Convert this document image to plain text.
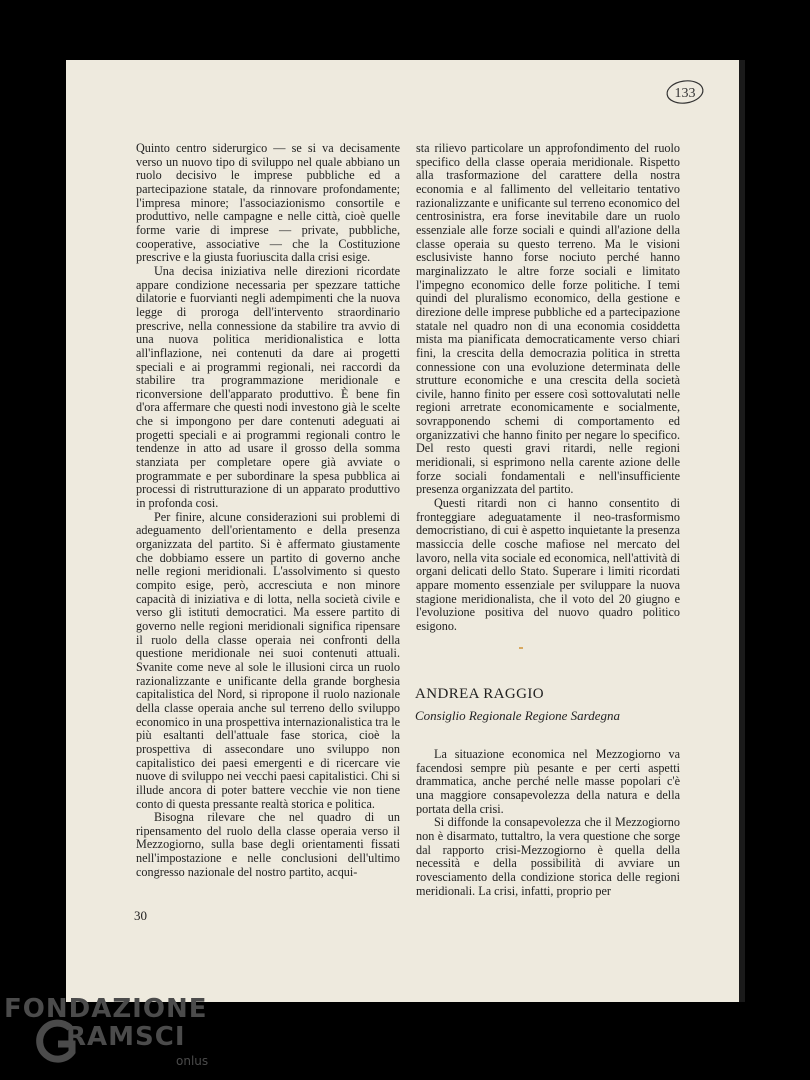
133

Quinto centro siderurgico — se si va decisamente verso un nuovo tipo di sviluppo nel quale abbiano un ruolo decisivo le imprese pubbliche ed a partecipazione statale, da rinnovare profondamente; l'impresa minore; l'associazionismo consortile e produttivo, nelle campagne e nelle città, cioè quelle forme varie di imprese — private, pubbliche, cooperative, associative — che la Costituzione prescrive e la giusta fuoriuscita dalla crisi esige.

Una decisa iniziativa nelle direzioni ricordate appare condizione necessaria per spezzare tattiche dilatorie e fuorvianti negli adempimenti che la nuova legge di proroga dell'intervento straordinario prescrive, nella connessione da stabilire tra avvio di una nuova politica meridionalistica e lotta all'inflazione, nei contenuti da dare ai progetti speciali e ai programmi regionali, nei raccordi da stabilire tra programmazione meridionale e riconversione dell'apparato produttivo. È bene fin d'ora affermare che questi nodi investono già le scelte che si impongono per dare contenuti adeguati ai progetti speciali e ai programmi regionali contro le tendenze in atto ad usare il grosso della somma stanziata per completare opere già avviate o programmate e per subordinare la spesa pubblica ai processi di ristrutturazione di un apparato produttivo in profonda cosi.

Per finire, alcune considerazioni sui problemi di adeguamento dell'orientamento e della presenza organizzata del partito. Si è affermato giustamente che dobbiamo essere un partito di governo anche nelle regioni meridionali. L'assolvimento si questo compito esige, però, accresciuta e non minore capacità di iniziativa e di lotta, nella società civile e verso gli istituti democratici. Ma essere partito di governo nelle regioni meridionali significa ripensare il ruolo della classe operaia nei confronti della questione meridionale nei suoi contenuti attuali. Svanite come neve al sole le illusioni circa un ruolo razionalizzante e unificante della grande borghesia capitalistica del Nord, si ripropone il ruolo nazionale della classe operaia anche sul terreno dello sviluppo economico in una prospettiva internazionalistica tra le più esaltanti dell'attuale fase storica, cioè la prospettiva di assecondare uno sviluppo non capitalistico dei paesi emergenti e di ricercare vie nuove di sviluppo nei vecchi paesi capitalistici. Chi si illude ancora di poter battere vecchie vie non tiene conto di questa pressante realtà storica e politica.

Bisogna rilevare che nel quadro di un ripensamento del ruolo della classe operaia verso il Mezzogiorno, sulla base degli orientamenti fissati nell'impostazione e nelle conclusioni dell'ultimo congresso nazionale del nostro partito, acqui-

sta rilievo particolare un approfondimento del ruolo specifico della classe operaia meridionale. Rispetto alla trasformazione del carattere della nostra economia e al fallimento del velleitario tentativo razionalizzante e unificante sul terreno economico del centrosinistra, era forse inevitabile dare un ruolo essenziale alle forze sociali e quindi all'azione della classe operaia su questo terreno. Ma le visioni esclusiviste hanno forse nociuto perché hanno marginalizzato le altre forze sociali e limitato l'impegno economico delle forze politiche. I temi quindi del pluralismo economico, della gestione e direzione delle imprese pubbliche ed a partecipazione statale nel quadro non di una economia cosiddetta mista ma pianificata democraticamente verso chiari fini, la crescita della democrazia politica in stretta connessione con una evoluzione determinata delle strutture economiche e una crescita della società civile, hanno finito per essere così sottovalutati nelle regioni arretrate economicamente e socialmente, sovrapponendo schemi di comportamento ed organizzativi che hanno finito per negare lo specifico. Del resto questi gravi ritardi, nelle regioni meridionali, si esprimono nella carente azione delle forze sociali fondamentali e nell'insufficiente presenza organizzata del partito.

Questi ritardi non ci hanno consentito di fronteggiare adeguatamente il neo-trasformismo democristiano, di cui è aspetto inquietante la presenza massiccia delle cosche mafiose nel mercato del lavoro, nella vita sociale ed economica, nell'attività di organi delicati dello Stato. Superare i limiti ricordati appare momento essenziale per sviluppare la nuova stagione meridionalista, che il voto del 20 giugno e l'evoluzione positiva del nuovo quadro politico esigono.

ANDREA RAGGIO
Consiglio Regionale Regione Sardegna

La situazione economica nel Mezzogiorno va facendosi sempre più pesante e per certi aspetti drammatica, anche perché nelle masse popolari c'è una maggiore consapevolezza della natura e della portata della crisi.

Si diffonde la consapevolezza che il Mezzogiorno non è disarmato, tuttaltro, la vera questione che sorge dal rapporto crisi-Mezzogiorno è quella della necessità e della possibilità di avviare un rovesciamento della condizione storica delle regioni meridionali. La crisi, infatti, proprio per

30
FONDAZIONE
RAMSCI
onlus
